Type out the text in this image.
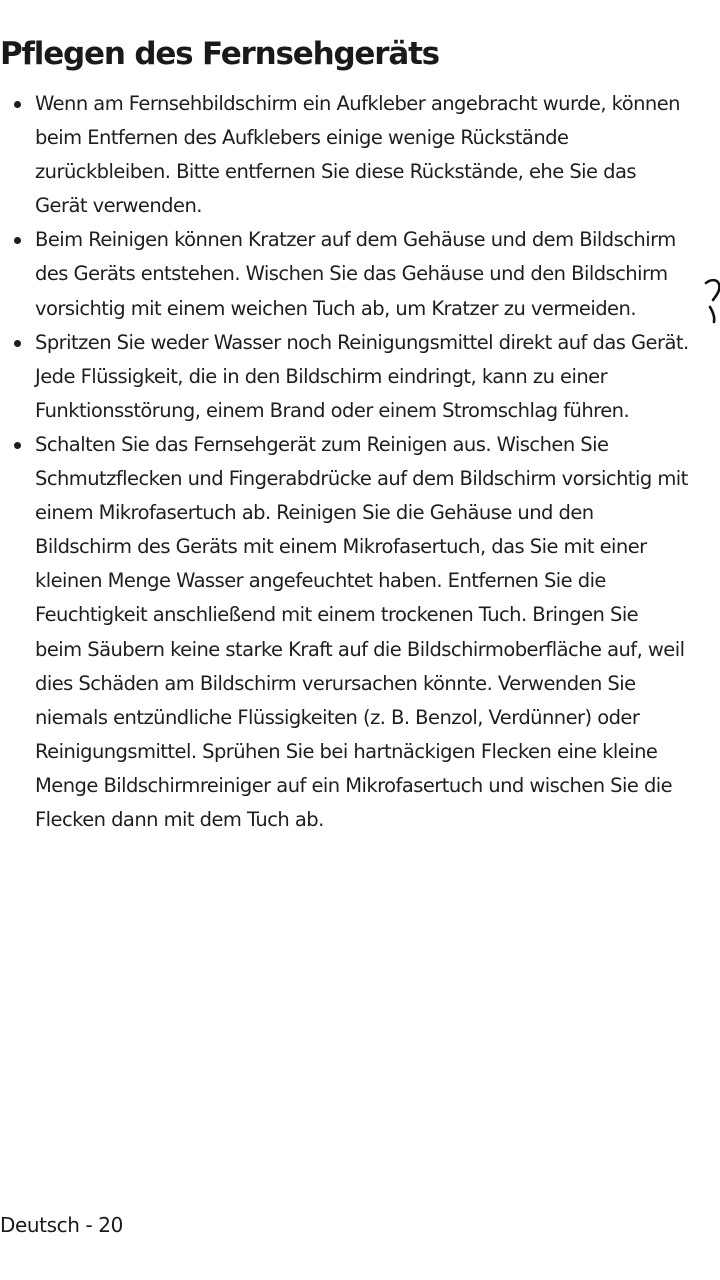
Pflegen des Fernsehgeräts
Wenn am Fernsehbildschirm ein Aufkleber angebracht wurde, können beim Entfernen des Aufklebers einige wenige Rückstände zurückbleiben. Bitte entfernen Sie diese Rückstände, ehe Sie das Gerät verwenden.
Beim Reinigen können Kratzer auf dem Gehäuse und dem Bildschirm des Geräts entstehen. Wischen Sie das Gehäuse und den Bildschirm vorsichtig mit einem weichen Tuch ab, um Kratzer zu vermeiden.
Spritzen Sie weder Wasser noch Reinigungsmittel direkt auf das Gerät. Jede Flüssigkeit, die in den Bildschirm eindringt, kann zu einer Funktionsstörung, einem Brand oder einem Stromschlag führen.
Schalten Sie das Fernsehgerät zum Reinigen aus. Wischen Sie Schmutzflecken und Fingerabdrücke auf dem Bildschirm vorsichtig mit einem Mikrofasertuch ab. Reinigen Sie die Gehäuse und den Bildschirm des Geräts mit einem Mikrofasertuch, das Sie mit einer kleinen Menge Wasser angefeuchtet haben. Entfernen Sie die Feuchtigkeit anschließend mit einem trockenen Tuch. Bringen Sie beim Säubern keine starke Kraft auf die Bildschirmoberfläche auf, weil dies Schäden am Bildschirm verursachen könnte. Verwenden Sie niemals entzündliche Flüssigkeiten (z. B. Benzol, Verdünner) oder Reinigungsmittel. Sprühen Sie bei hartnäckigen Flecken eine kleine Menge Bildschirmreiniger auf ein Mikrofasertuch und wischen Sie die Flecken dann mit dem Tuch ab.
Deutsch - 20
